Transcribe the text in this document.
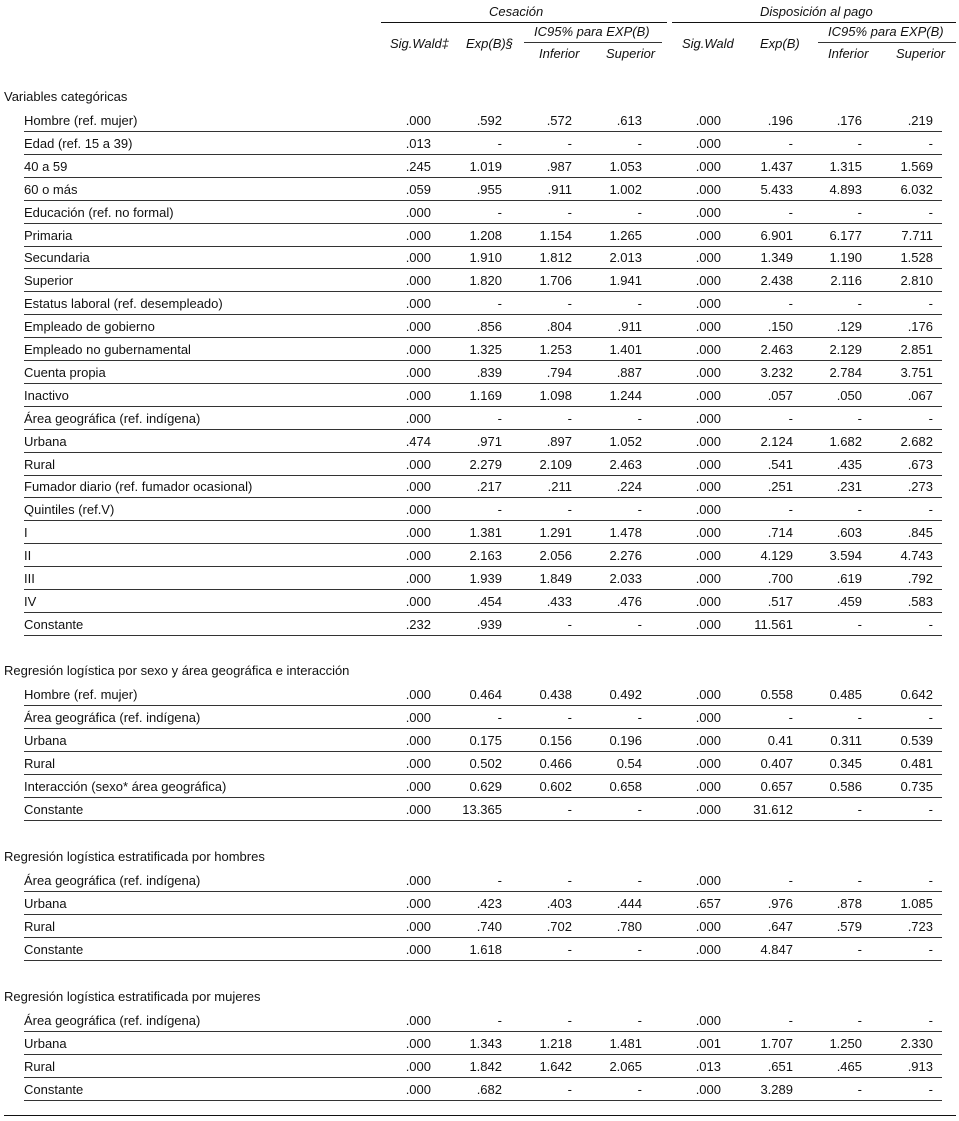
Cesación	Disposición al pago
Sig.Wald‡ Exp(B)§
IC95% para EXP(B)
Inferior Superior
Sig.Wald Exp(B)
IC95% para EXP(B)
Inferior Superior
Variables categóricas
Hombre (ref. mujer)	.000	.592	.572	.613	.000	.196	.176	.219
Edad (ref. 15 a 39)	.013	-	-	-	.000	-	-	-
40 a 59	.245	1.019	.987	1.053	.000	1.437	1.315	1.569
60 o más	.059	.955	.911	1.002	.000	5.433	4.893	6.032
Educación (ref. no formal)	.000	-	-	-	.000	-	-	-
Primaria	.000	1.208	1.154	1.265	.000	6.901	6.177	7.711
Secundaria	.000	1.910	1.812	2.013	.000	1.349	1.190	1.528
Superior	.000	1.820	1.706	1.941	.000	2.438	2.116	2.810
Estatus laboral (ref. desempleado)	.000	-	-	-	.000	-	-	-
Empleado de gobierno	.000	.856	.804	.911	.000	.150	.129	.176
Empleado no gubernamental	.000	1.325	1.253	1.401	.000	2.463	2.129	2.851
Cuenta propia	.000	.839	.794	.887	.000	3.232	2.784	3.751
Inactivo	.000	1.169	1.098	1.244	.000	.057	.050	.067
Área geográfica (ref. indígena)	.000	-	-	-	.000	-	-	-
Urbana	.474	.971	.897	1.052	.000	2.124	1.682	2.682
Rural	.000	2.279	2.109	2.463	.000	.541	.435	.673
Fumador diario (ref. fumador ocasional)	.000	.217	.211	.224	.000	.251	.231	.273
Quintiles (ref.V)	.000	-	-	-	.000	-	-	-
I	.000	1.381	1.291	1.478	.000	.714	.603	.845
II	.000	2.163	2.056	2.276	.000	4.129	3.594	4.743
III	.000	1.939	1.849	2.033	.000	.700	.619	.792
IV	.000	.454	.433	.476	.000	.517	.459	.583
Constante	.232	.939	-	-	.000	11.561	-	-
Regresión logística por sexo y área geográfica e interacción
Hombre (ref. mujer)	.000	0.464	0.438	0.492	.000	0.558	0.485	0.642
Área geográfica (ref. indígena)	.000	-	-	-	.000	-	-	-
Urbana	.000	0.175	0.156	0.196	.000	0.41	0.311	0.539
Rural	.000	0.502	0.466	0.54	.000	0.407	0.345	0.481
Interacción (sexo* área geográfica)	.000	0.629	0.602	0.658	.000	0.657	0.586	0.735
Constante	.000	13.365	-	-	.000	31.612	-	-
Regresión logística estratificada por hombres
Área geográfica (ref. indígena)	.000	-	-	-	.000	-	-	-
Urbana	.000	.423	.403	.444	.657	.976	.878	1.085
Rural	.000	.740	.702	.780	.000	.647	.579	.723
Constante	.000	1.618	-	-	.000	4.847	-	-
Regresión logística estratificada por mujeres
Área geográfica (ref. indígena)	.000	-	-	-	.000	-	-	-
Urbana	.000	1.343	1.218	1.481	.001	1.707	1.250	2.330
Rural	.000	1.842	1.642	2.065	.013	.651	.465	.913
Constante	.000	.682	-	-	.000	3.289	-	-
